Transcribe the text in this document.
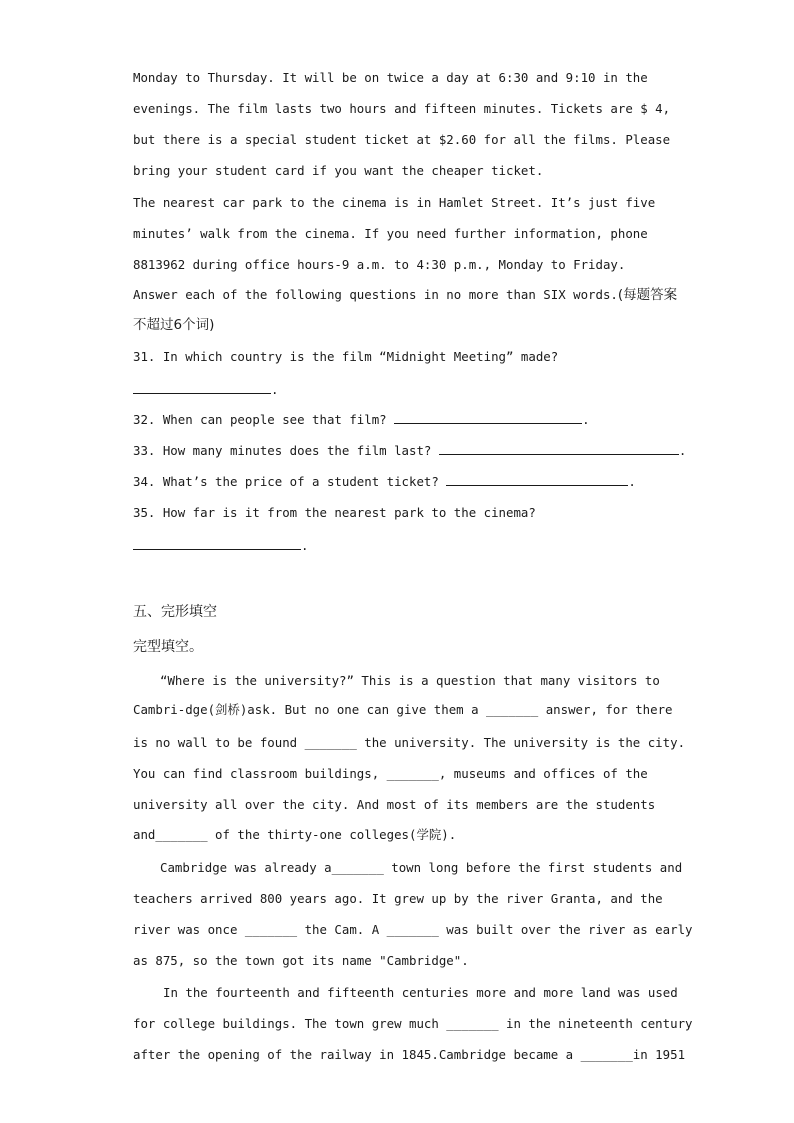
Monday to Thursday. It will be on twice a day at 6:30 and 9:10 in the
evenings. The film lasts two hours and fifteen minutes. Tickets are $ 4,
but there is a special student ticket at $2.60 for all the films. Please
bring your student card if you want the cheaper ticket.
The nearest car park to the cinema is in Hamlet Street. It’s just five
minutes’ walk from the cinema. If you need further information, phone
8813962 during office hours-9 a.m. to 4:30 p.m., Monday to Friday.
Answer each of the following questions in no more than SIX words.(每题答案
不超过6个词)
31. In which country is the film “Midnight Meeting” made?
.
32. When can people see that film?	.
33. How many minutes does the film last?	.
34. What’s the price of a student ticket?	.
35. How far is it from the nearest park to the cinema?
.
五、完形填空
完型填空。
“Where is the university?” This is a question that many visitors to
Cambri-dge(剑桥)ask. But no one can give them a _______ answer, for there
is no wall to be found _______ the university. The university is the city.
You can find classroom buildings, _______, museums and offices of the
university all over the city. And most of its members are the students
and_______ of the thirty-one colleges(学院).
Cambridge was already a_______ town long before the first students and
teachers arrived 800 years ago. It grew up by the river Granta, and the
river was once _______ the Cam. A _______ was built over the river as early
as 875, so the town got its name "Cambridge".
In the fourteenth and fifteenth centuries more and more land was used
for college buildings. The town grew much _______ in the nineteenth century
after the opening of the railway in 1845.Cambridge became a _______in 1951
